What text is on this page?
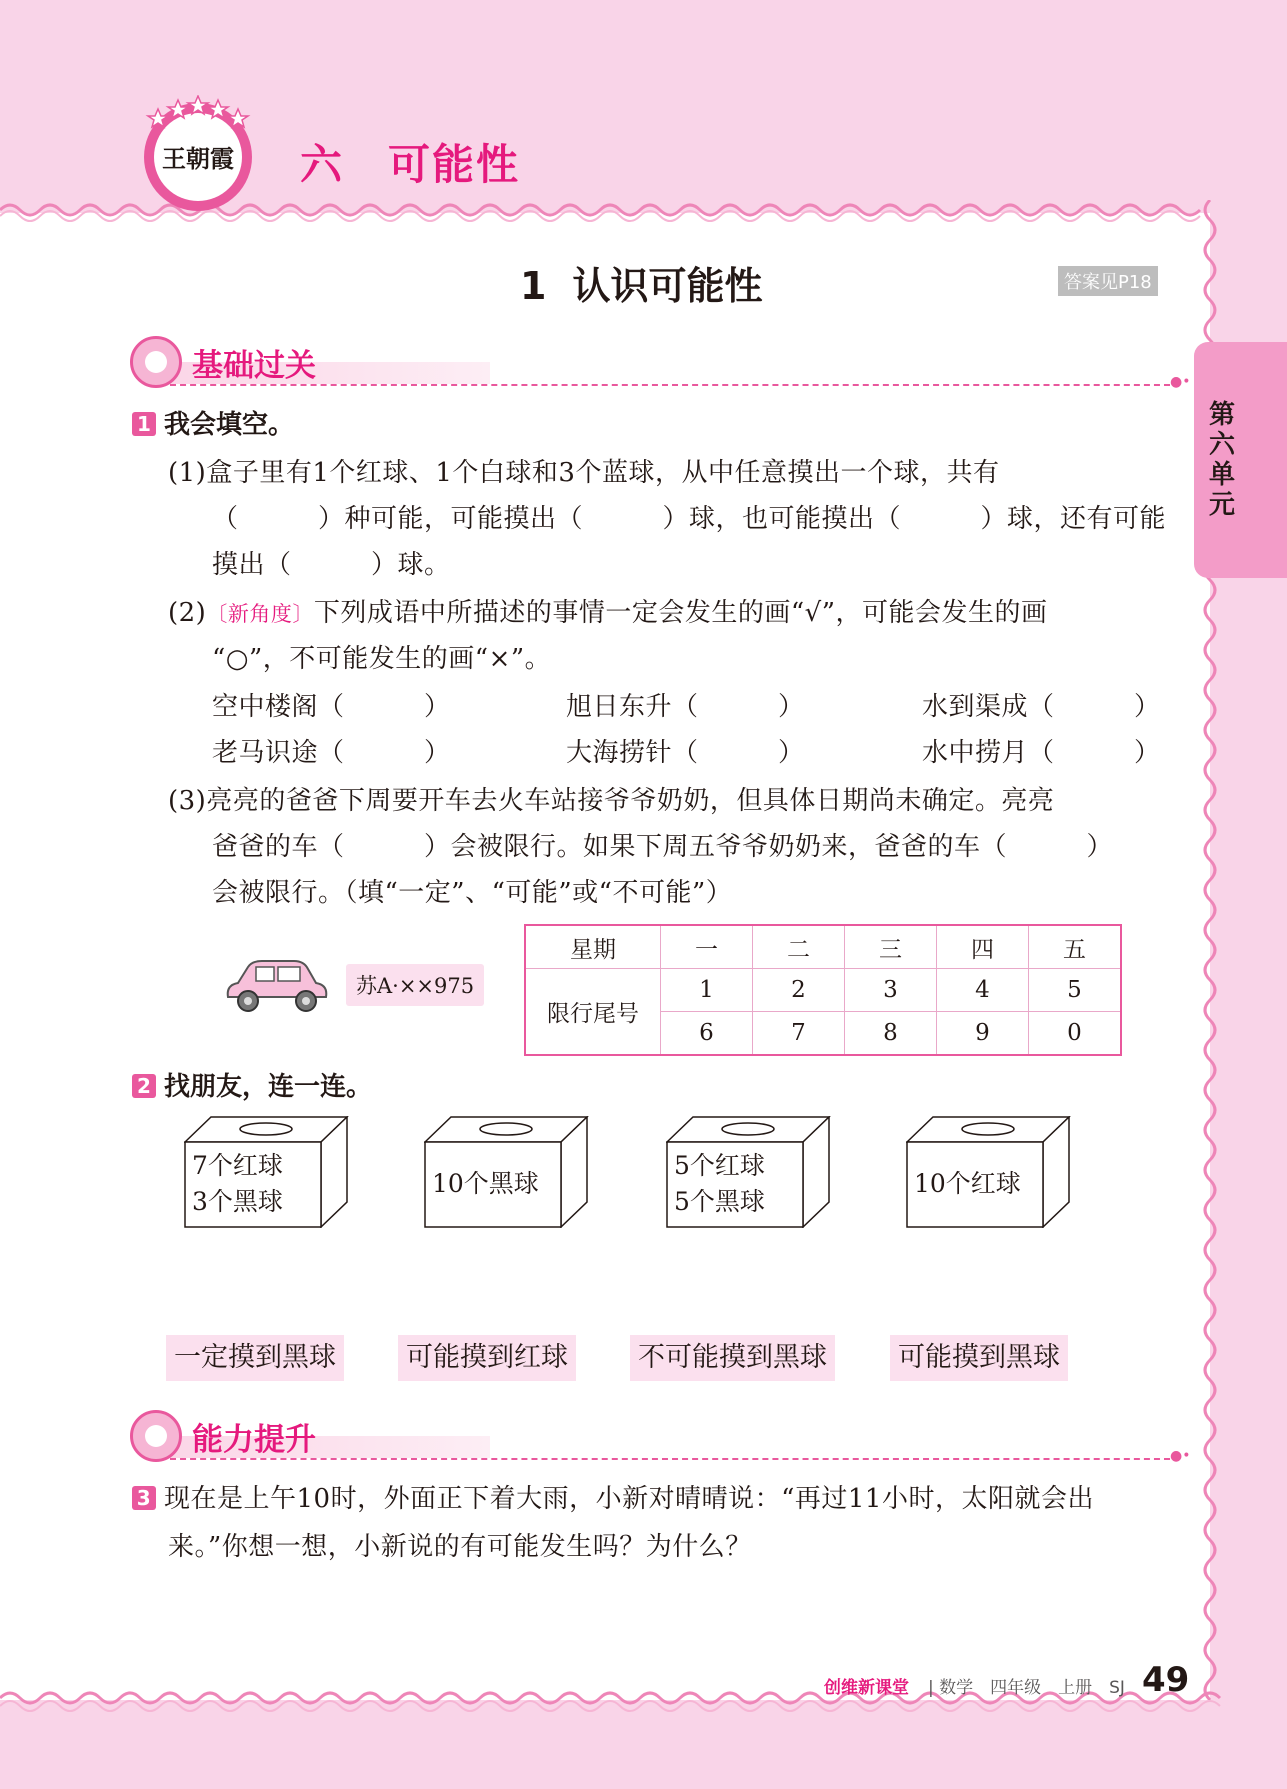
王朝霞 六 可能性
第六单元
1 认识可能性	答案见P18
基础过关	●•
1 我会填空。
(1)盒子里有1个红球、1个白球和3个蓝球，从中任意摸出一个球，共有
（　　　）种可能，可能摸出（　　　）球，也可能摸出（　　　）球，还有可能
摸出（　　　）球。
(2)〔新角度〕下列成语中所描述的事情一定会发生的画“√”，可能会发生的画
“○”，不可能发生的画“×”。
空中楼阁（　　　）	旭日东升（　　　）	水到渠成（　　　）
老马识途（　　　）	大海捞针（　　　）	水中捞月（　　　）
(3)亮亮的爸爸下周要开车去火车站接爷爷奶奶，但具体日期尚未确定。亮亮
爸爸的车（　　　）会被限行。如果下周五爷爷奶奶来，爸爸的车（　　　）
会被限行。（填“一定”、“可能”或“不可能”）
苏A·××975
星期	一	二	三	四	五
限行尾号	1	2	3	4	5
	6	7	8	9	0
2 找朋友，连一连。
7个红球
3个黑球
10个黑球
5个红球
5个黑球
10个红球
一定摸到黑球	可能摸到红球	不可能摸到黑球	可能摸到黑球
能力提升	●•
3 现在是上午10时，外面正下着大雨，小新对晴晴说：“再过11小时，太阳就会出
来。”你想一想，小新说的有可能发生吗？为什么？
创维新课堂 | 数学　四年级　上册　SJ 49
